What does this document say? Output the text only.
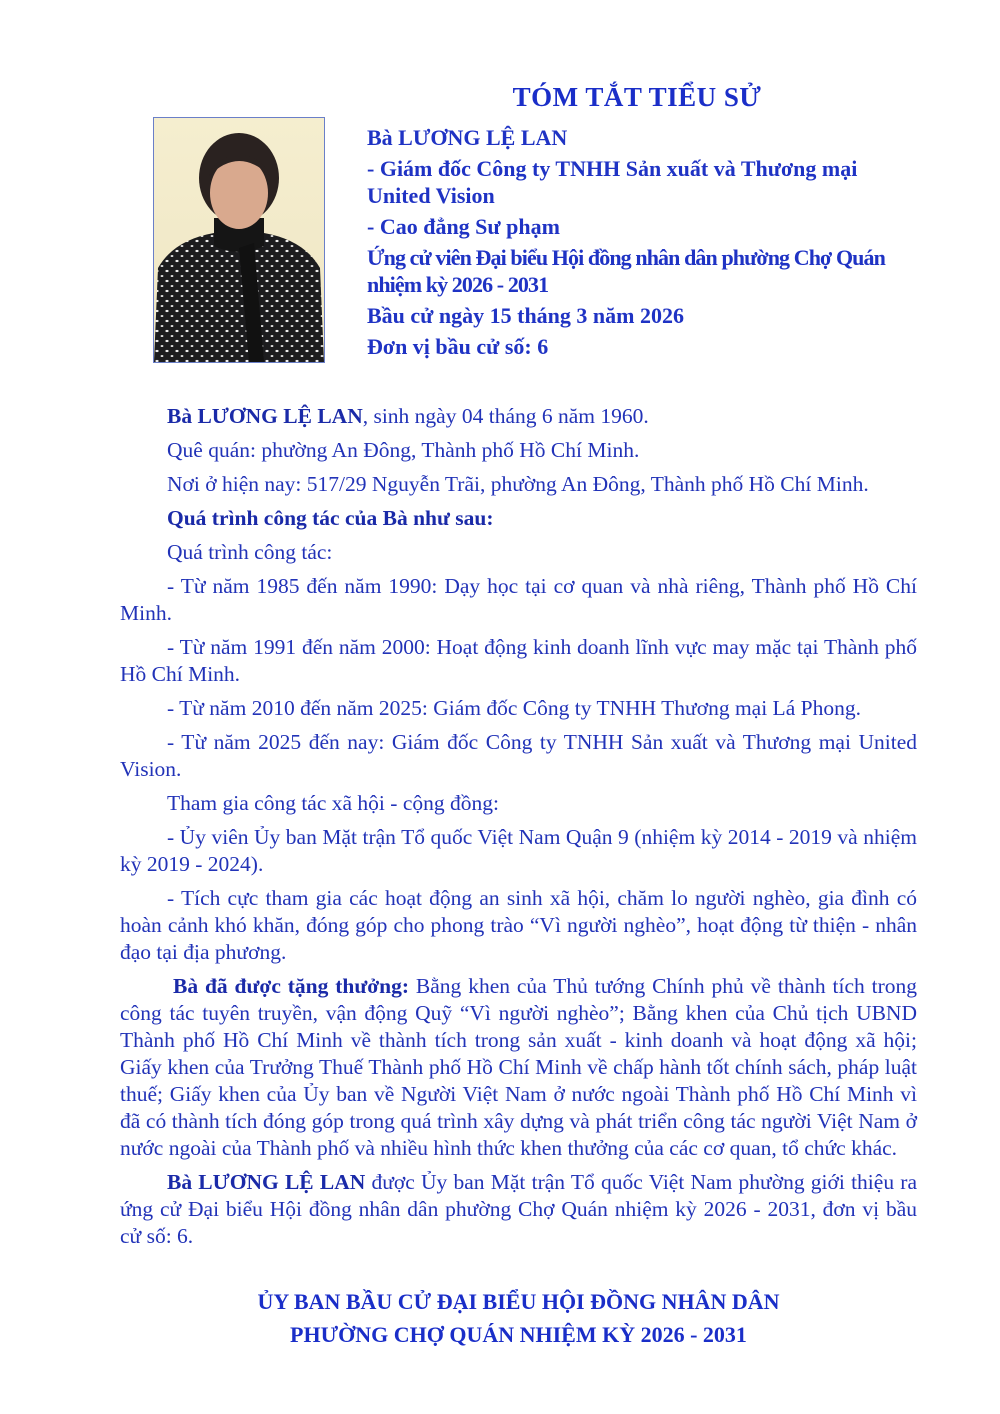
TÓM TẮT TIỂU SỬ
Bà LƯƠNG LỆ LAN
- Giám đốc Công ty TNHH Sản xuất và Thương mại United Vision
- Cao đẳng Sư phạm
Ứng cử viên Đại biểu Hội đồng nhân dân phường Chợ Quán nhiệm kỳ 2026 - 2031
Bầu cử ngày 15 tháng 3 năm 2026
Đơn vị bầu cử số: 6

Bà LƯƠNG LỆ LAN, sinh ngày 04 tháng 6 năm 1960.

Quê quán: phường An Đông, Thành phố Hồ Chí Minh.

Nơi ở hiện nay: 517/29 Nguyễn Trãi, phường An Đông, Thành phố Hồ Chí Minh.

Quá trình công tác của Bà như sau:

Quá trình công tác:

- Từ năm 1985 đến năm 1990: Dạy học tại cơ quan và nhà riêng, Thành phố Hồ Chí Minh.

- Từ năm 1991 đến năm 2000: Hoạt động kinh doanh lĩnh vực may mặc tại Thành phố Hồ Chí Minh.

- Từ năm 2010 đến năm 2025: Giám đốc Công ty TNHH Thương mại Lá Phong.

- Từ năm 2025 đến nay: Giám đốc Công ty TNHH Sản xuất và Thương mại United Vision.

Tham gia công tác xã hội - cộng đồng:

- Ủy viên Ủy ban Mặt trận Tổ quốc Việt Nam Quận 9 (nhiệm kỳ 2014 - 2019 và nhiệm kỳ 2019 - 2024).

- Tích cực tham gia các hoạt động an sinh xã hội, chăm lo người nghèo, gia đình có hoàn cảnh khó khăn, đóng góp cho phong trào “Vì người nghèo”, hoạt động từ thiện - nhân đạo tại địa phương.

Bà đã được tặng thưởng: Bằng khen của Thủ tướng Chính phủ về thành tích trong công tác tuyên truyền, vận động Quỹ “Vì người nghèo”; Bằng khen của Chủ tịch UBND Thành phố Hồ Chí Minh về thành tích trong sản xuất - kinh doanh và hoạt động xã hội; Giấy khen của Trưởng Thuế Thành phố Hồ Chí Minh về chấp hành tốt chính sách, pháp luật thuế; Giấy khen của Ủy ban về Người Việt Nam ở nước ngoài Thành phố Hồ Chí Minh vì đã có thành tích đóng góp trong quá trình xây dựng và phát triển công tác người Việt Nam ở nước ngoài của Thành phố và nhiều hình thức khen thưởng của các cơ quan, tổ chức khác.

Bà LƯƠNG LỆ LAN được Ủy ban Mặt trận Tổ quốc Việt Nam phường giới thiệu ra ứng cử Đại biểu Hội đồng nhân dân phường Chợ Quán nhiệm kỳ 2026 - 2031, đơn vị bầu cử số: 6.

ỦY BAN BẦU CỬ ĐẠI BIỂU HỘI ĐỒNG NHÂN DÂN
PHƯỜNG CHỢ QUÁN NHIỆM KỲ 2026 - 2031
